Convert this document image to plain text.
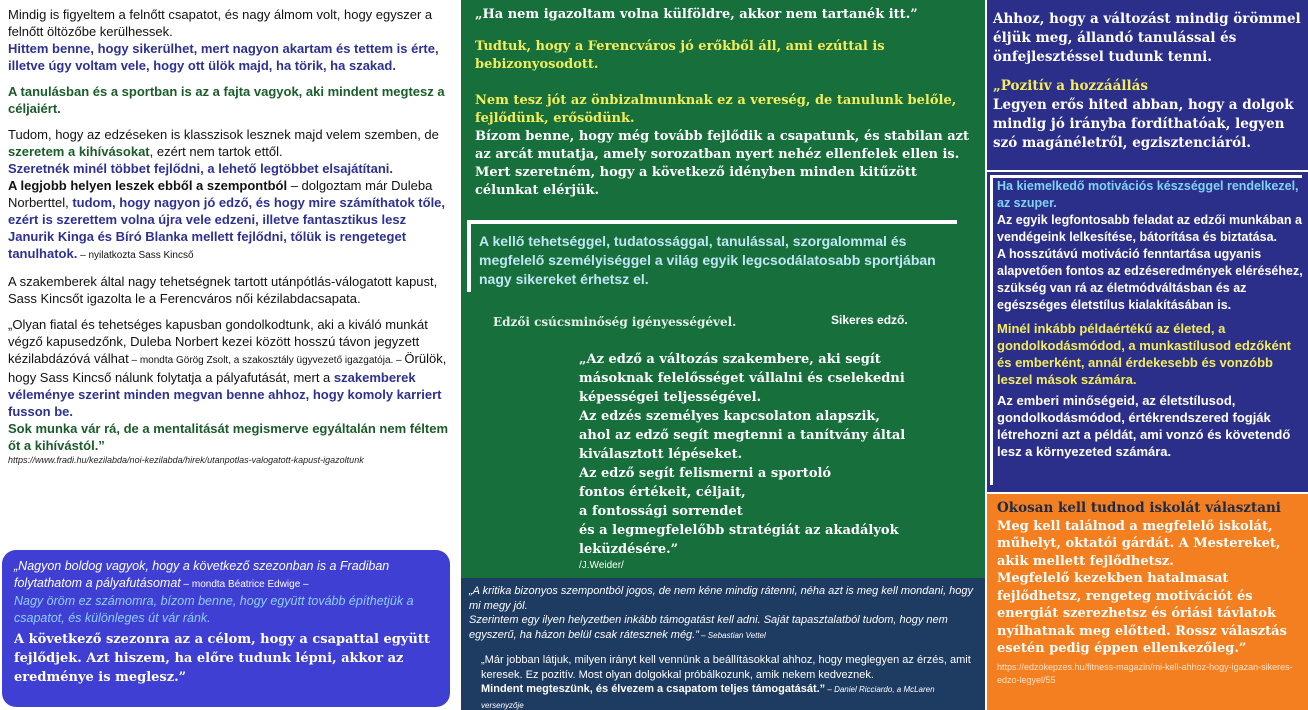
Mindig is figyeltem a felnőtt csapatot, és nagy álmom volt, hogy egyszer a felnőtt öltözőbe kerülhessek.

Hittem benne, hogy sikerülhet, mert nagyon akartam és tettem is érte, illetve úgy voltam vele, hogy ott ülök majd, ha törik, ha szakad.

A tanulásban és a sportban is az a fajta vagyok, aki mindent megtesz a céljaiért.

Tudom, hogy az edzéseken is klasszisok lesznek majd velem szemben, de szeretem a kihívásokat, ezért nem tartok ettől.

Szeretnék minél többet fejlődni, a lehető legtöbbet elsajátítani.

A legjobb helyen leszek ebből a szempontból – dolgoztam már Duleba Norberttel, tudom, hogy nagyon jó edző, és hogy mire számíthatok tőle, ezért is szerettem volna újra vele edzeni, illetve fantasztikus lesz Janurik Kinga és Bíró Blanka mellett fejlődni, tőlük is rengeteget tanulhatok. – nyilatkozta Sass Kincső

A szakemberek által nagy tehetségnek tartott utánpótlás-válogatott kapust, Sass Kincsőt igazolta le a Ferencváros női kézilabdacsapata.

„Olyan fiatal és tehetséges kapusban gondolkodtunk, aki a kiváló munkát végző kapusedzőnk, Duleba Norbert kezei között hosszú távon jegyzett kézilabdázóvá válhat – mondta Görög Zsolt, a szakosztály ügyvezető igazgatója. – Örülök, hogy Sass Kincső nálunk folytatja a pályafutását, mert a szakemberek véleménye szerint minden megvan benne ahhoz, hogy komoly karriert fusson be.

Sok munka vár rá, de a mentalitását megismerve egyáltalán nem féltem őt a kihívástól.”

https://www.fradi.hu/kezilabda/noi-kezilabda/hirek/utanpotlas-valogatott-kapust-igazoltunk

„Nagyon boldog vagyok, hogy a következő szezonban is a Fradiban folytathatom a pályafutásomat – mondta Béatrice Edwige –

Nagy öröm ez számomra, bízom benne, hogy együtt tovább építhetjük a csapatot, és különleges út vár ránk.

A következő szezonra az a célom, hogy a csapattal együtt fejlődjek. Azt hiszem, ha előre tudunk lépni, akkor az eredménye is meglesz.”

„Ha nem igazoltam volna külföldre, akkor nem tartanék itt.”

Tudtuk, hogy a Ferencváros jó erőkből áll, ami ezúttal is bebizonyosodott.

Nem tesz jót az önbizalmunknak ez a vereség, de tanulunk belőle, fejlődünk, erősödünk.

Bízom benne, hogy még tovább fejlődik a csapatunk, és stabilan azt az arcát mutatja, amely sorozatban nyert nehéz ellenfelek ellen is.

Mert szeretném, hogy a következő idényben minden kitűzött célunkat elérjük.

A kellő tehetséggel, tudatossággal, tanulással, szorgalommal és megfelelő személyiséggel a világ egyik legcsodálatosabb sportjában nagy sikereket érhetsz el.

Edzői csúcsminőség igényességével.	Sikeres edző.

„Az edző a változás szakembere, aki segít
másoknak felelősséget vállalni és cselekedni
képességei teljességével.
Az edzés személyes kapcsolaton alapszik,
ahol az edző segít megtenni a tanítvány által
kiválasztott lépéseket.
Az edző segít felismerni a sportoló
fontos értékeit, céljait,
a fontossági sorrendet
és a legmegfelelőbb stratégiát az akadályok
leküzdésére.”

/J.Weider/

„A kritika bizonyos szempontból jogos, de nem kéne mindig rátenni, néha azt is meg kell mondani, hogy mi megy jól.

Szerintem egy ilyen helyzetben inkább támogatást kell adni. Saját tapasztalatból tudom, hogy nem egyszerű, ha házon belül csak rátesznek még.” – Sebastian Vettel

„Már jobban látjuk, milyen irányt kell vennünk a beállításokkal ahhoz, hogy meglegyen az érzés, amit keresek. Ez pozitív. Most olyan dolgokkal próbálkozunk, amik nekem kedveznek.

Mindent megteszünk, és élvezem a csapatom teljes támogatását.” – Daniel Ricciardo, a McLaren versenyzője

Ahhoz, hogy a változást mindig örömmel éljük meg, állandó tanulással és önfejlesztéssel tudunk tenni.

„Pozitív a hozzáállás

Legyen erős hited abban, hogy a dolgok mindig jó irányba fordíthatóak, legyen szó magánéletről, egzisztenciáról.

Ha kiemelkedő motivációs készséggel rendelkezel, az szuper.

Az egyik legfontosabb feladat az edzői munkában a vendégeink lelkesítése, bátorítása és biztatása.

A hosszútávú motiváció fenntartása ugyanis alapvetően fontos az edzéseredmények eléréséhez, szükség van rá az életmódváltásban és az egészséges életstílus kialakításában is.

Minél inkább példaértékű az életed, a gondolkodásmódod, a munkastílusod edzőként és emberként, annál érdekesebb és vonzóbb leszel mások számára.

Az emberi minőségeid, az életstílusod, gondolkodásmódod, értékrendszered fogják létrehozni azt a példát, ami vonzó és követendő lesz a környezeted számára.

Okosan kell tudnod iskolát választani

Meg kell találnod a megfelelő iskolát, műhelyt, oktatói gárdát. A Mestereket, akik mellett fejlődhetsz.

Megfelelő kezekben hatalmasat fejlődhetsz, rengeteg motivációt és energiát szerezhetsz és óriási távlatok nyílhatnak meg előtted. Rossz választás esetén pedig éppen ellenkezőleg.”

https://edzokepzes.hu/fitness-magazin/mi-kell-ahhoz-hogy-igazan-sikeres-edzo-legyel/55
